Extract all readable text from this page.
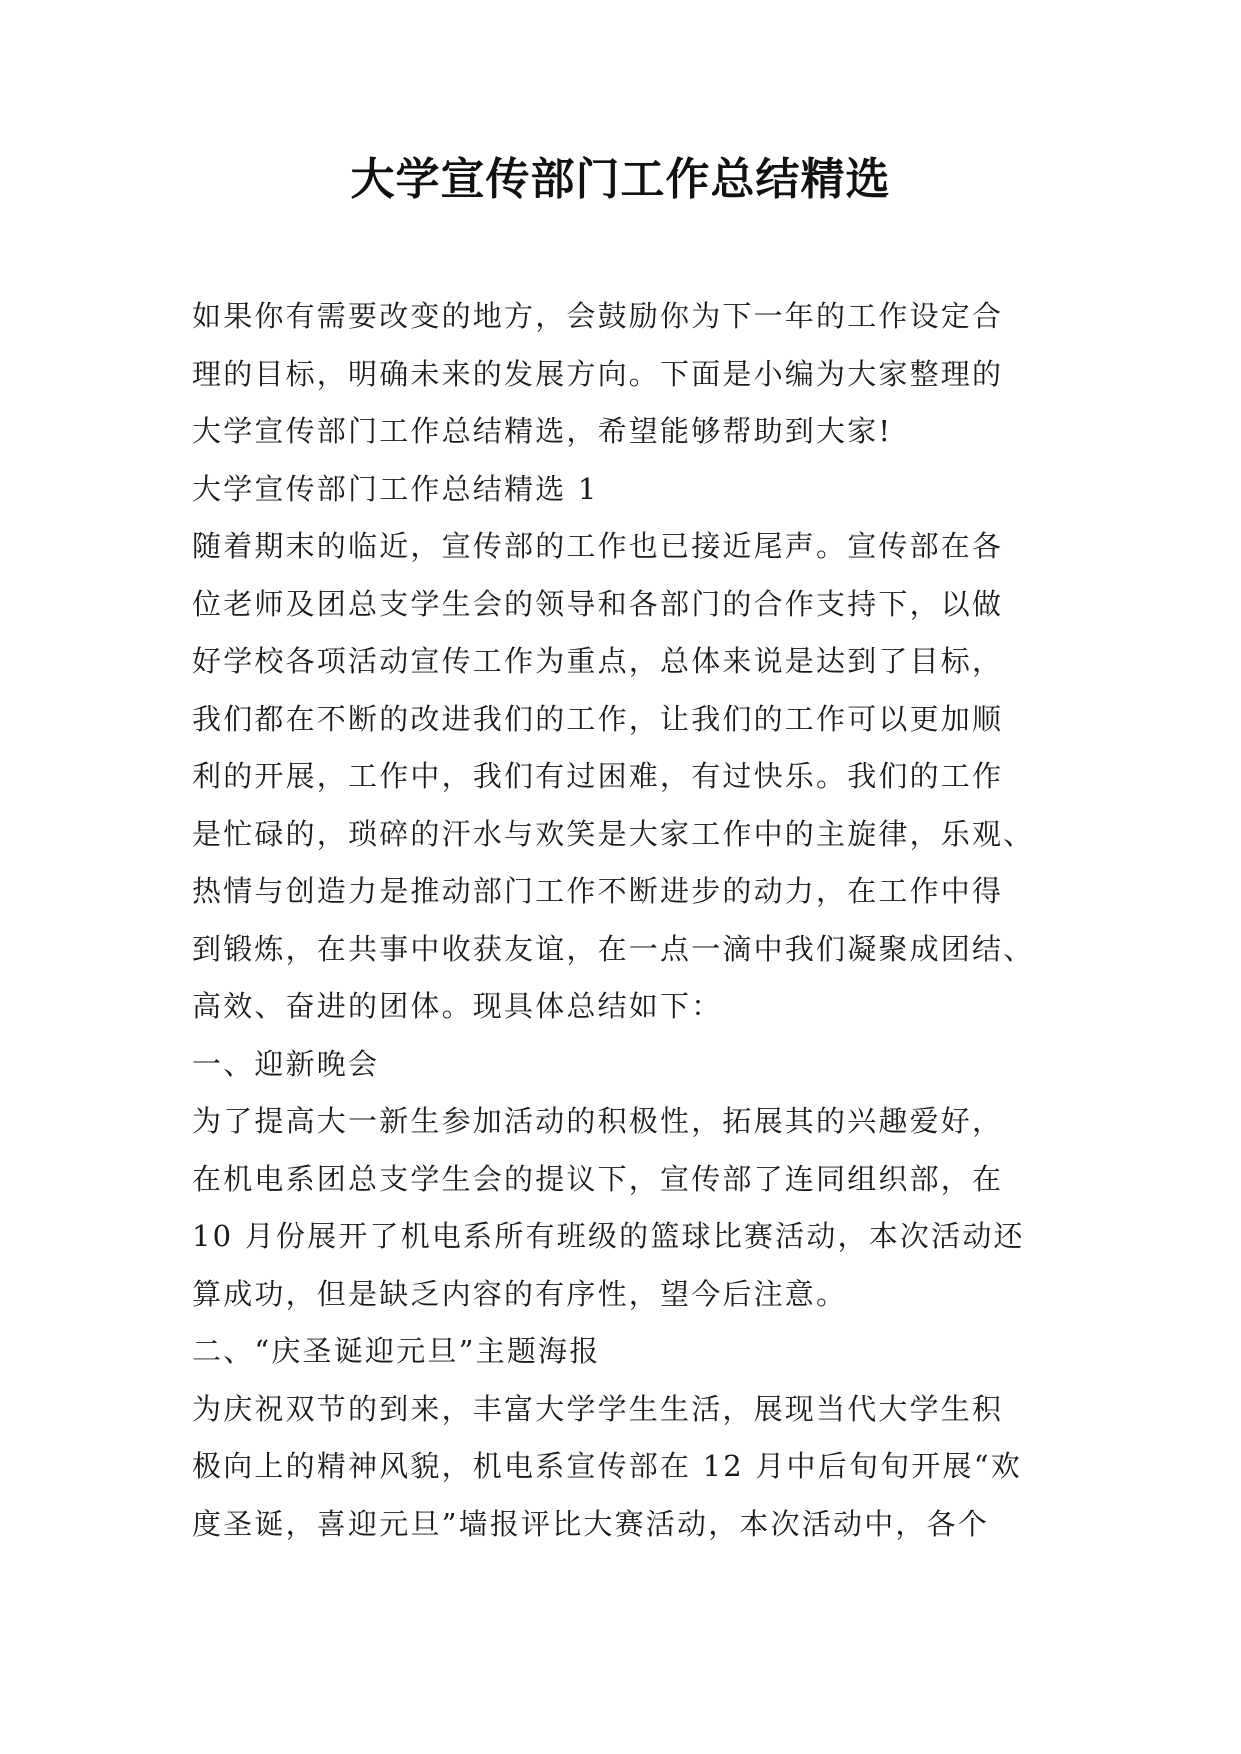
大学宣传部门工作总结精选
如果你有需要改变的地方，会鼓励你为下一年的工作设定合
理的目标，明确未来的发展方向。下面是小编为大家整理的
大学宣传部门工作总结精选，希望能够帮助到大家!
大学宣传部门工作总结精选 1
随着期末的临近，宣传部的工作也已接近尾声。宣传部在各
位老师及团总支学生会的领导和各部门的合作支持下，以做
好学校各项活动宣传工作为重点，总体来说是达到了目标，
我们都在不断的改进我们的工作，让我们的工作可以更加顺
利的开展，工作中，我们有过困难，有过快乐。我们的工作
是忙碌的，琐碎的汗水与欢笑是大家工作中的主旋律，乐观、
热情与创造力是推动部门工作不断进步的动力，在工作中得
到锻炼，在共事中收获友谊，在一点一滴中我们凝聚成团结、
高效、奋进的团体。现具体总结如下：
一、迎新晚会
为了提高大一新生参加活动的积极性，拓展其的兴趣爱好，
在机电系团总支学生会的提议下，宣传部了连同组织部，在
10 月份展开了机电系所有班级的篮球比赛活动，本次活动还
算成功，但是缺乏内容的有序性，望今后注意。
二、“庆圣诞迎元旦”主题海报
为庆祝双节的到来，丰富大学学生生活，展现当代大学生积
极向上的精神风貌，机电系宣传部在 12 月中后旬旬开展“欢
度圣诞，喜迎元旦”墙报评比大赛活动，本次活动中，各个
